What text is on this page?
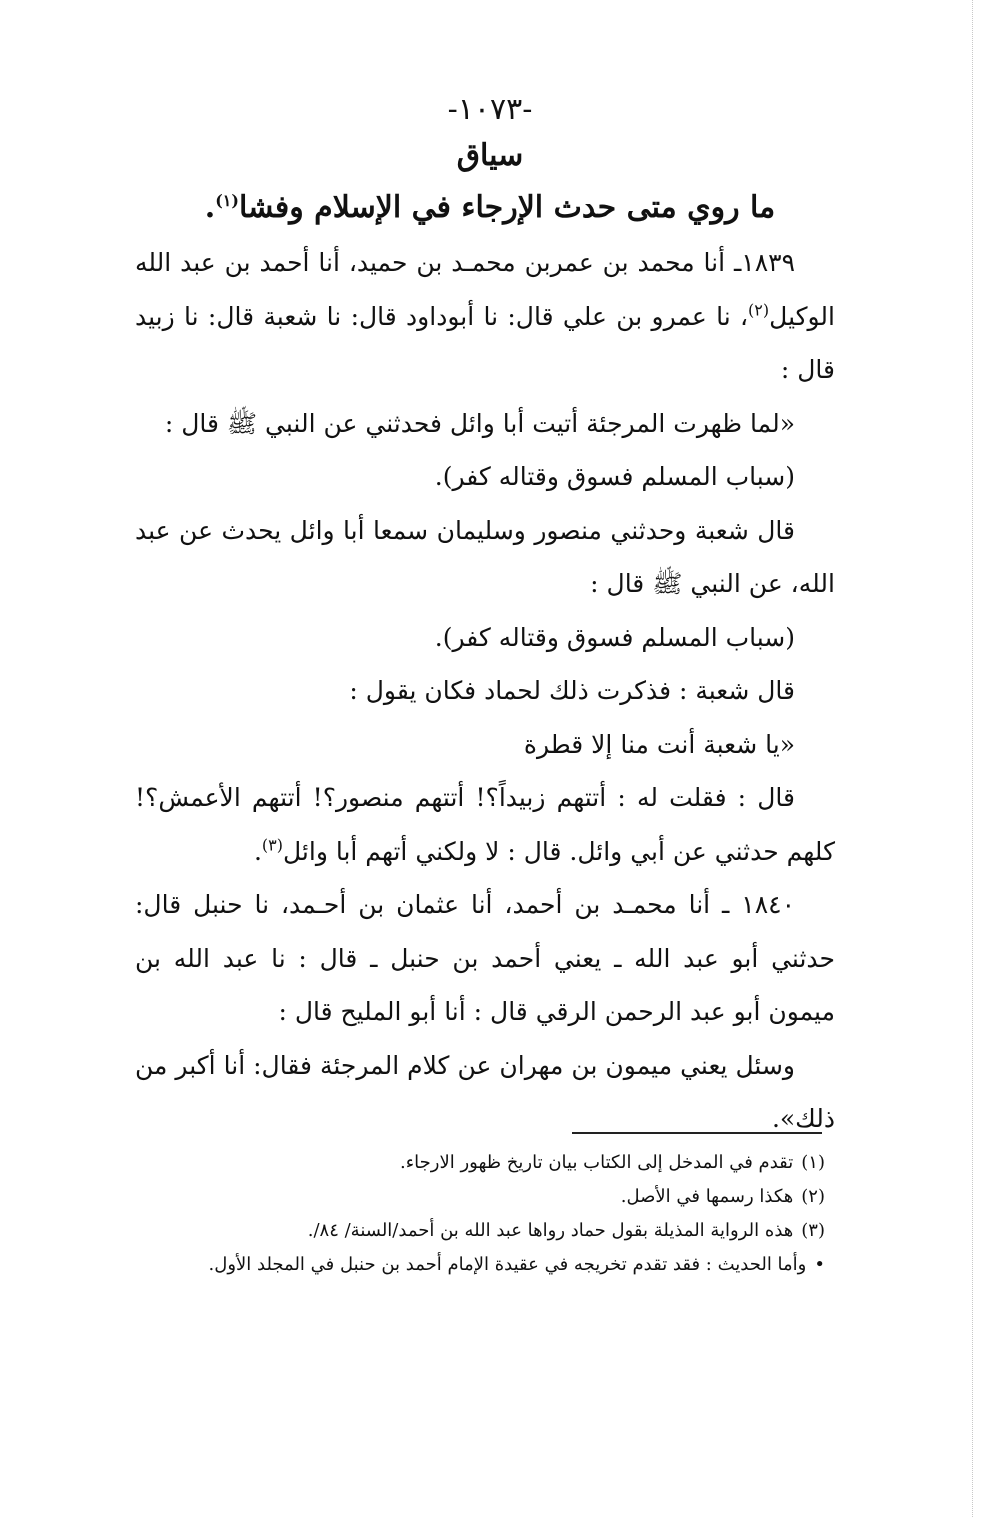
-١٠٧٣-
سياق
ما روي متى حدث الإرجاء في الإسلام وفشا$^{(١)}$.

١٨٣٩ـ أنا محمد بن عمربن محمـد بن حميد، أنا أحمد بن عبد الله الوكيل$^{(٢)}$، نا عمرو بن علي قال: نا أبوداود قال: نا شعبة قال: نا زبيد قال :

«لما ظهرت المرجئة أتيت أبا وائل فحدثني عن النبي ﷺ قال :

(سباب المسلم فسوق وقتاله كفر).

قال شعبة وحدثني منصور وسليمان سمعا أبا وائل يحدث عن عبد الله، عن النبي ﷺ قال :

(سباب المسلم فسوق وقتاله كفر).

قال شعبة : فذكرت ذلك لحماد فكان يقول :

«يا شعبة أنت منا إلا قطرة

قال : فقلت له : أتتهم زبيداً؟! أتتهم منصور؟! أتتهم الأعمش؟! كلهم حدثني عن أبي وائل. قال : لا ولكني أتهم أبا وائل$^{(٣)}$.

١٨٤٠ ـ أنا محمـد بن أحمد، أنا عثمان بن أحـمد، نا حنبل قال: حدثني أبو عبد الله ـ يعني أحمد بن حنبل ـ قال : نا عبد الله بن ميمون أبو عبد الرحمن الرقي قال : أنا أبو المليح قال :

وسئل يعني ميمون بن مهران عن كلام المرجئة فقال: أنا أكبر من ذلك».

(١)تقدم في المدخل إلى الكتاب بيان تاريخ ظهور الارجاء.
(٢)هكذا رسمها في الأصل.
(٣)هذه الرواية المذيلة بقول حماد رواها عبد الله بن أحمد/السنة/ ٨٤/.
•وأما الحديث : فقد تقدم تخريجه في عقيدة الإمام أحمد بن حنبل في المجلد الأول.
